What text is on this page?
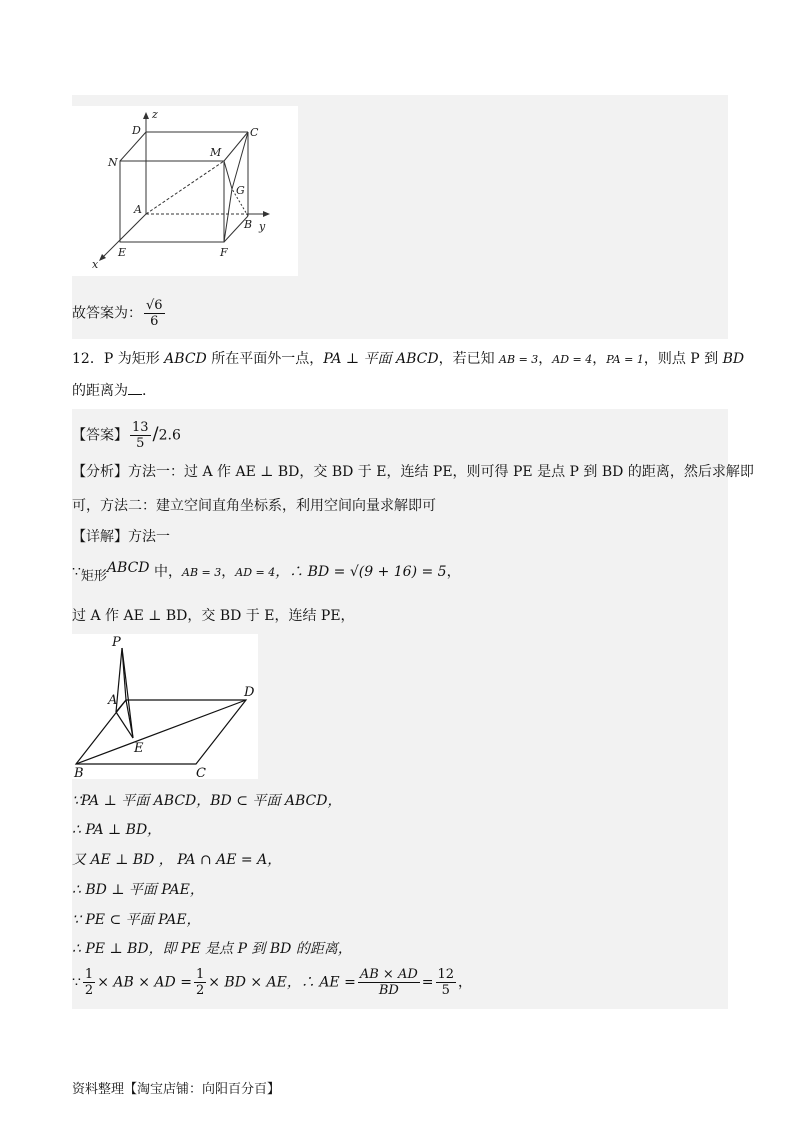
z
D	C
N
M
G
A
B y
x
E	F
故答案为： $\frac{√6}{6}$
12．P 为矩形 ABCD 所在平面外一点，PA ⊥ 平面 ABCD，若已知 AB = 3，AD = 4，PA = 1，则点 P 到 BD
的距离为 .
【答案】 $\frac{13}{5} /2.6$
【分析】方法一：过 A 作 AE ⊥ BD，交 BD 于 E，连结 PE，则可得 PE 是点 P 到 BD 的距离，然后求解即
可，方法二：建立空间直角坐标系，利用空间向量求解即可
【详解】方法一
∵矩形ABCD 中，AB = 3，AD = 4，∴ BD = √(9 + 16) = 5，
过 A 作 AE ⊥ BD，交 BD 于 E，连结 PE，
P
A
D
E
B	C
∵PA ⊥ 平面 ABCD，BD ⊂ 平面 ABCD，
∴ PA ⊥ BD，
又 AE ⊥ BD ， PA ∩ AE = A，
∴ BD ⊥ 平面 PAE，
∵ PE ⊂ 平面 PAE，
∴ PE ⊥ BD，即 PE 是点 P 到 BD 的距离，
∵ $\frac{1}{2}$ × AB × AD = $\frac{1}{2}$ × BD × AE，∴ AE = $\frac{AB \times AD}{BD} = \frac{12}{5}$ ，
资料整理【淘宝店铺：向阳百分百】
